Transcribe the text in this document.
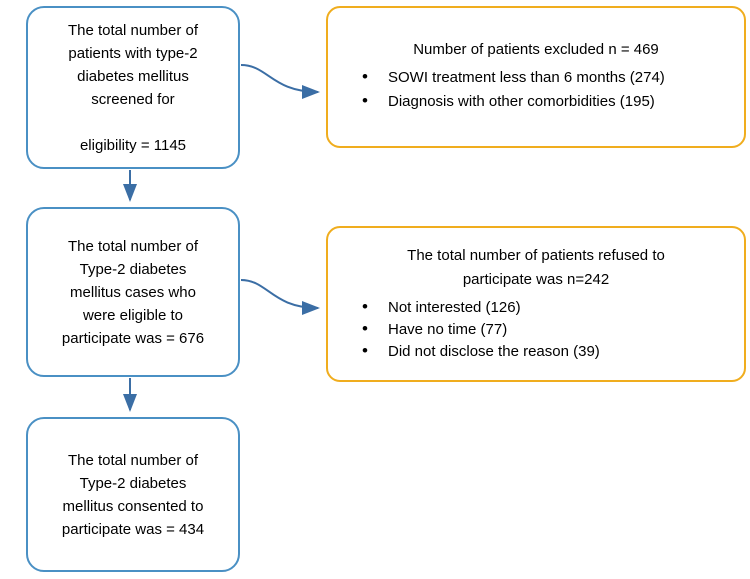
The total number of
patients with type-2
diabetes mellitus
screened for

eligibility = 1145
Number of patients excluded n = 469
• SOWI treatment less than 6 months (274)
• Diagnosis with other comorbidities (195)
The total number of
Type-2 diabetes
mellitus cases who
were eligible to
participate was = 676
The total number of patients refused to
participate was n=242
• Not interested (126)
• Have no time (77)
• Did not disclose the reason (39)
The total number of
Type-2 diabetes
mellitus consented to
participate was = 434
